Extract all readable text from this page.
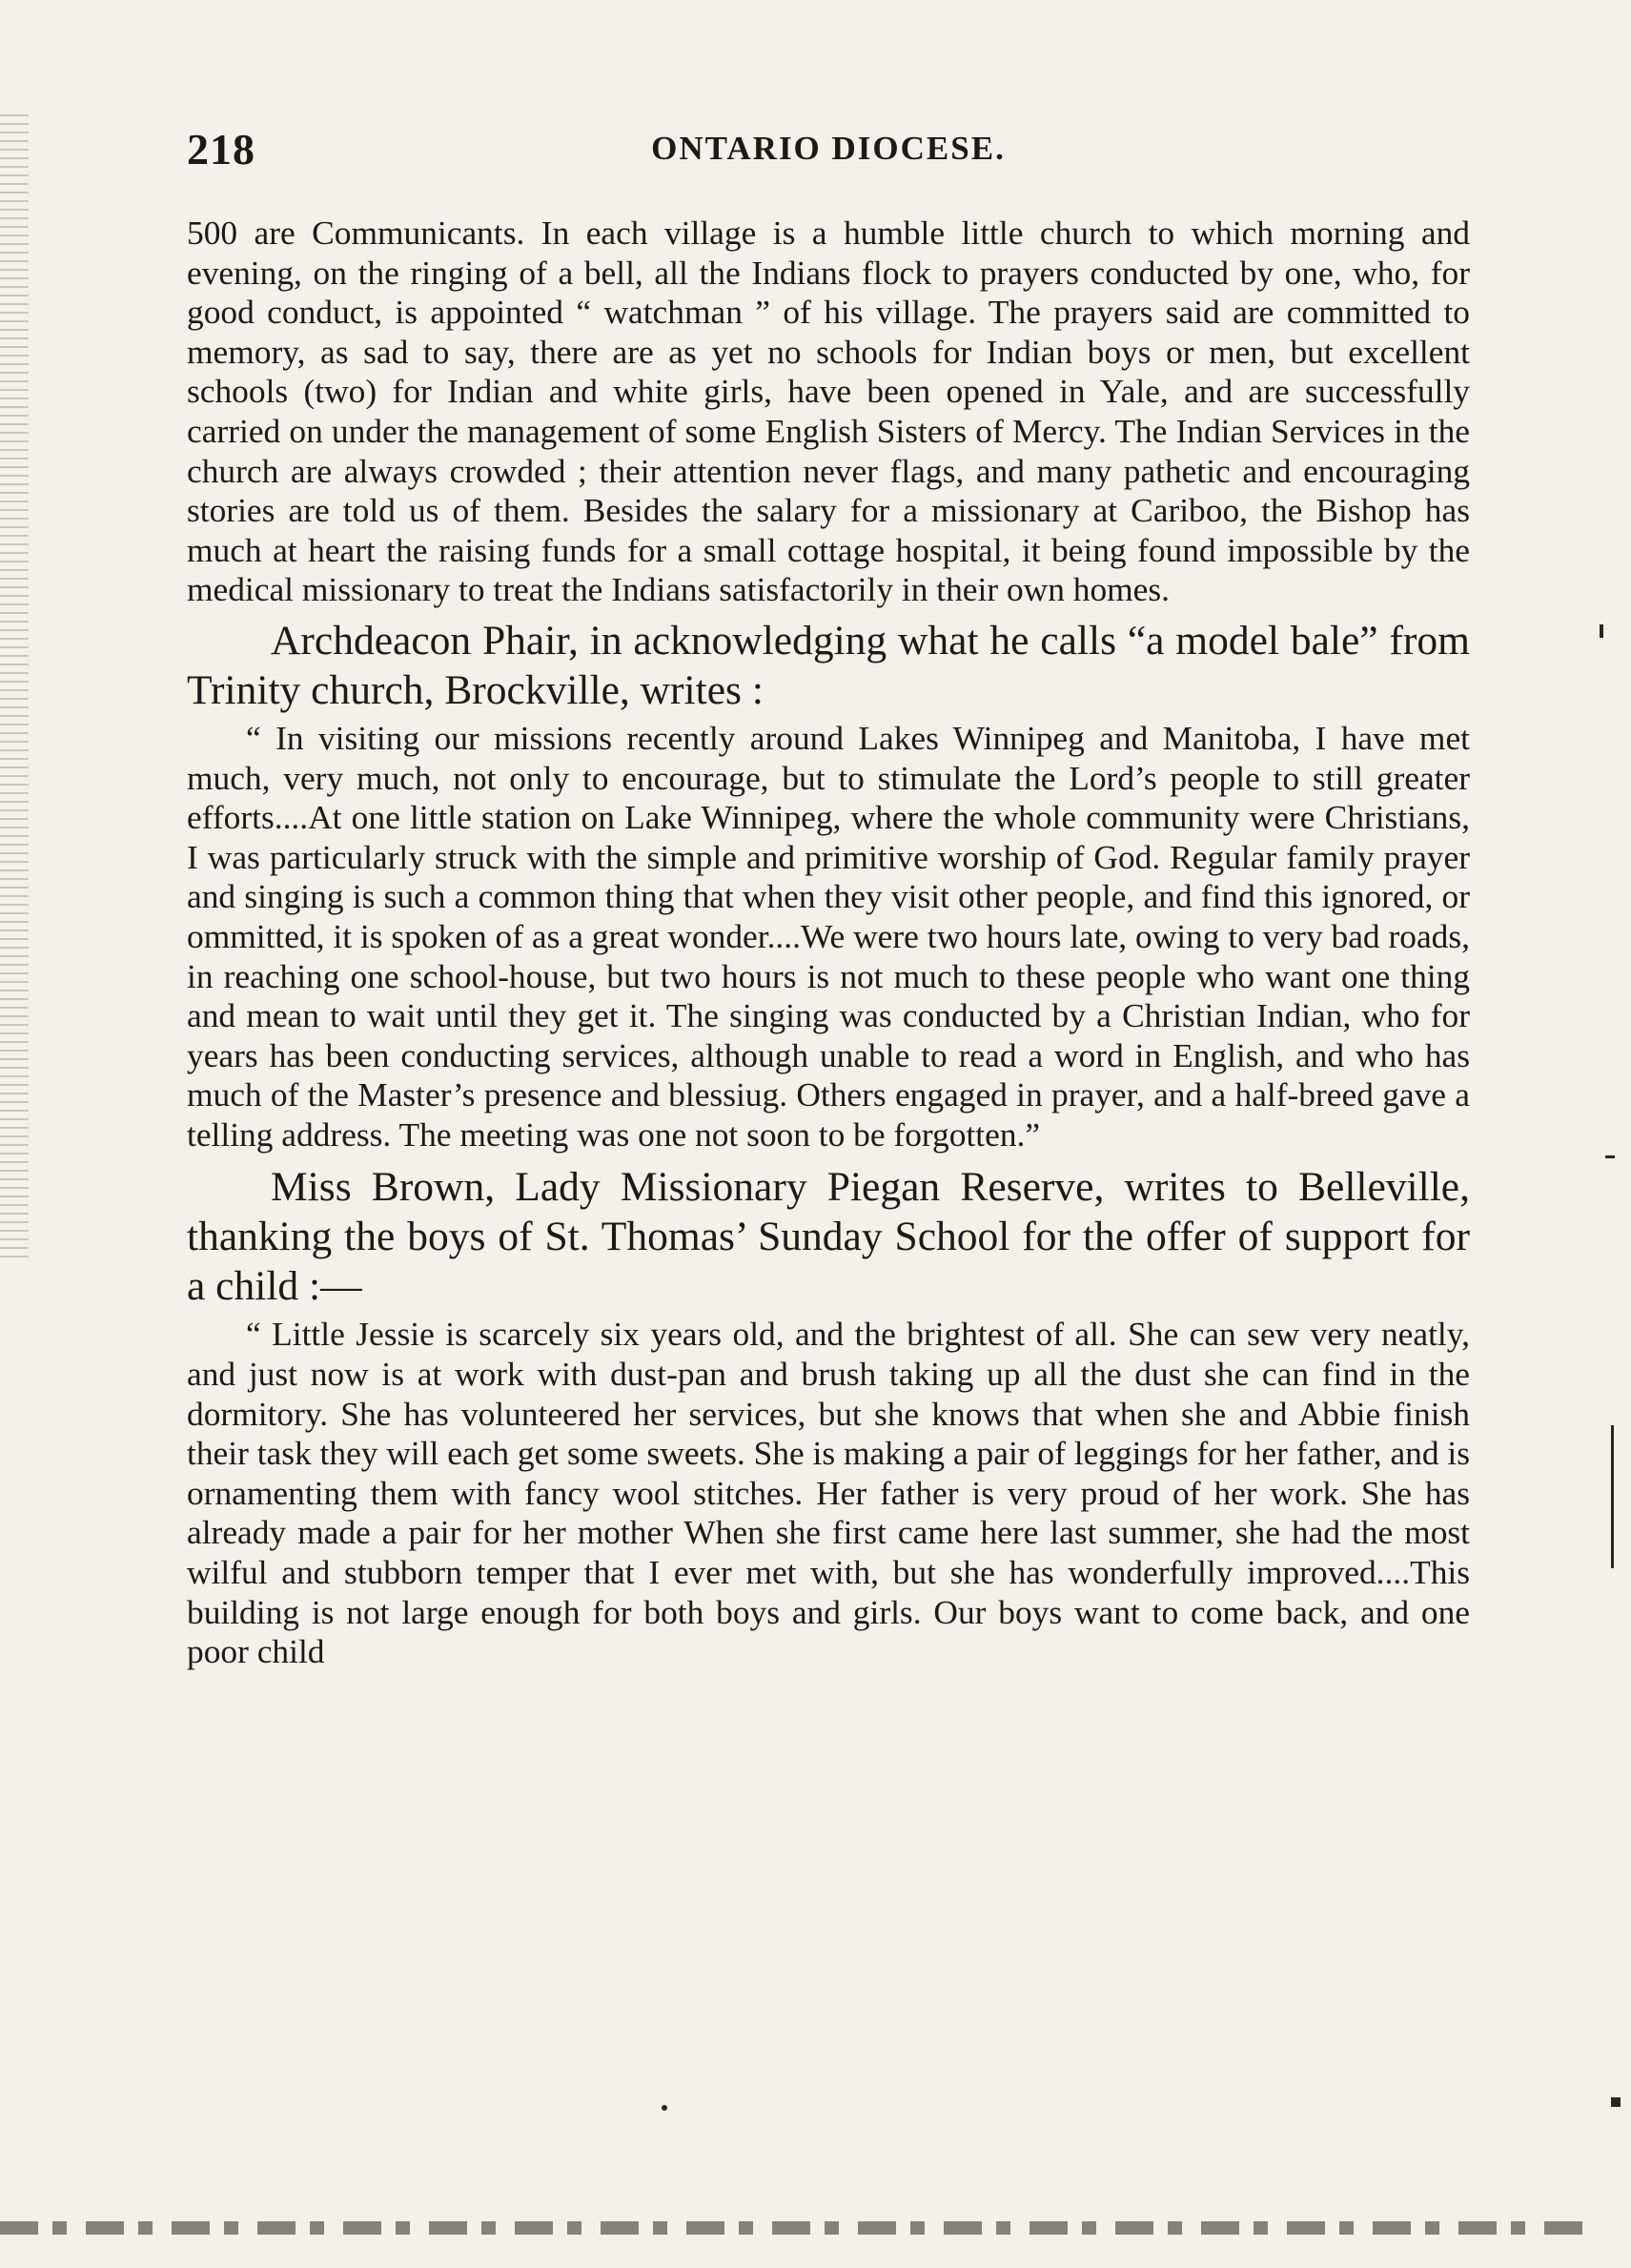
218	ONTARIO DIOCESE.

500 are Communicants. In each village is a humble little church to which morning and evening, on the ringing of a bell, all the Indians flock to prayers conducted by one, who, for good conduct, is appointed “ watchman ” of his village. The prayers said are committed to memory, as sad to say, there are as yet no schools for Indian boys or men, but excellent schools (two) for Indian and white girls, have been opened in Yale, and are successfully carried on under the management of some English Sisters of Mercy. The Indian Services in the church are always crowded ; their attention never flags, and many pathetic and encouraging stories are told us of them. Besides the salary for a missionary at Cariboo, the Bishop has much at heart the raising funds for a small cottage hospital, it being found impossible by the medical missionary to treat the Indians satisfactorily in their own homes.

Archdeacon Phair, in acknowledging what he calls “a model bale” from Trinity church, Brockville, writes :

“ In visiting our missions recently around Lakes Winnipeg and Manitoba, I have met much, very much, not only to encourage, but to stimulate the Lord’s people to still greater efforts....At one little station on Lake Winnipeg, where the whole community were Christians, I was particularly struck with the simple and primitive worship of God. Regular family prayer and singing is such a common thing that when they visit other people, and find this ignored, or ommitted, it is spoken of as a great wonder....We were two hours late, owing to very bad roads, in reaching one school-house, but two hours is not much to these people who want one thing and mean to wait until they get it. The singing was conducted by a Christian Indian, who for years has been conducting services, although unable to read a word in English, and who has much of the Master’s presence and blessiug. Others engaged in prayer, and a half-breed gave a telling address. The meeting was one not soon to be forgotten.”

Miss Brown, Lady Missionary Piegan Reserve, writes to Belleville, thanking the boys of St. Thomas’ Sunday School for the offer of support for a child :—

“ Little Jessie is scarcely six years old, and the brightest of all. She can sew very neatly, and just now is at work with dust-pan and brush taking up all the dust she can find in the dormitory. She has volunteered her services, but she knows that when she and Abbie finish their task they will each get some sweets. She is making a pair of leggings for her father, and is ornamenting them with fancy wool stitches. Her father is very proud of her work. She has already made a pair for her mother When she first came here last summer, she had the most wilful and stubborn temper that I ever met with, but she has wonderfully improved....This building is not large enough for both boys and girls. Our boys want to come back, and one poor child
